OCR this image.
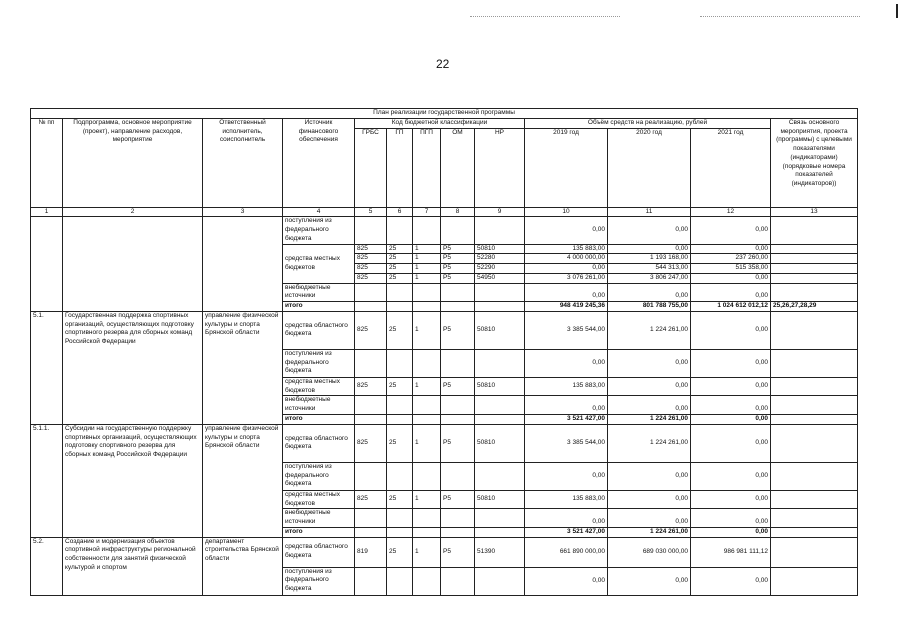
22
План реализации государственной программы												
№ пп	Подпрограмма, основное мероприятие (проект), направление расходов, мероприятие	Ответственный исполнитель, соисполнитель	Источник финансового обеспечения	Код бюджетной классификации					Объём средств на реализацию, рублей			Связь основного мероприятия, проекта (программы) с целевыми показателями (индикаторами) (порядковые номера показателей (индикаторов))
				ГРБС	ГП	ПГП	ОМ	НР	2019 год	2020 год	2021 год	
1	2	3	4	5	6	7	8	9	10	11	12	13
			поступления из федерального бюджета						0,00	0,00	0,00	
			средства местных бюджетов	825	25	1	P5	50810	135 883,00	0,00	0,00	
				825	25	1	P5	52280	4 000 000,00	1 193 168,00	237 260,00	
				825	25	1	P5	52290	0,00	544 313,00	515 358,00	
				825	25	1	P5	54950	3 076 261,00	3 806 247,00	0,00	
			внебюджетные источники						0,00	0,00	0,00	
			итого						948 419 245,36	801 788 755,00	1 024 612 012,12	25,26,27,28,29
5.1.	Государственная поддержка спортивных организаций, осуществляющих подготовку спортивного резерва для сборных команд Российской Федерации	управление физической культуры и спорта Брянской области	средства областного бюджета	825	25	1	P5	50810	3 385 544,00	1 224 261,00	0,00	
			поступления из федерального бюджета						0,00	0,00	0,00	
			средства местных бюджетов	825	25	1	P5	50810	135 883,00	0,00	0,00	
			внебюджетные источники						0,00	0,00	0,00	
			итого						3 521 427,00	1 224 261,00	0,00	
5.1.1.	Субсидии на государственную поддержку спортивных организаций, осуществляющих подготовку спортивного резерва для сборных команд Российской Федерации	управление физической культуры и спорта Брянской области	средства областного бюджета	825	25	1	P5	50810	3 385 544,00	1 224 261,00	0,00	
			поступления из федерального бюджета						0,00	0,00	0,00	
			средства местных бюджетов	825	25	1	P5	50810	135 883,00	0,00	0,00	
			внебюджетные источники						0,00	0,00	0,00	
			итого						3 521 427,00	1 224 261,00	0,00	
5.2.	Создание и модернизация объектов спортивной инфраструктуры региональной собственности для занятий физической культурой и спортом	департамент строительства Брянской области	средства областного бюджета	819	25	1	P5	51390	661 890 000,00	689 030 000,00	986 981 111,12	
			поступления из федерального бюджета						0,00	0,00	0,00	
